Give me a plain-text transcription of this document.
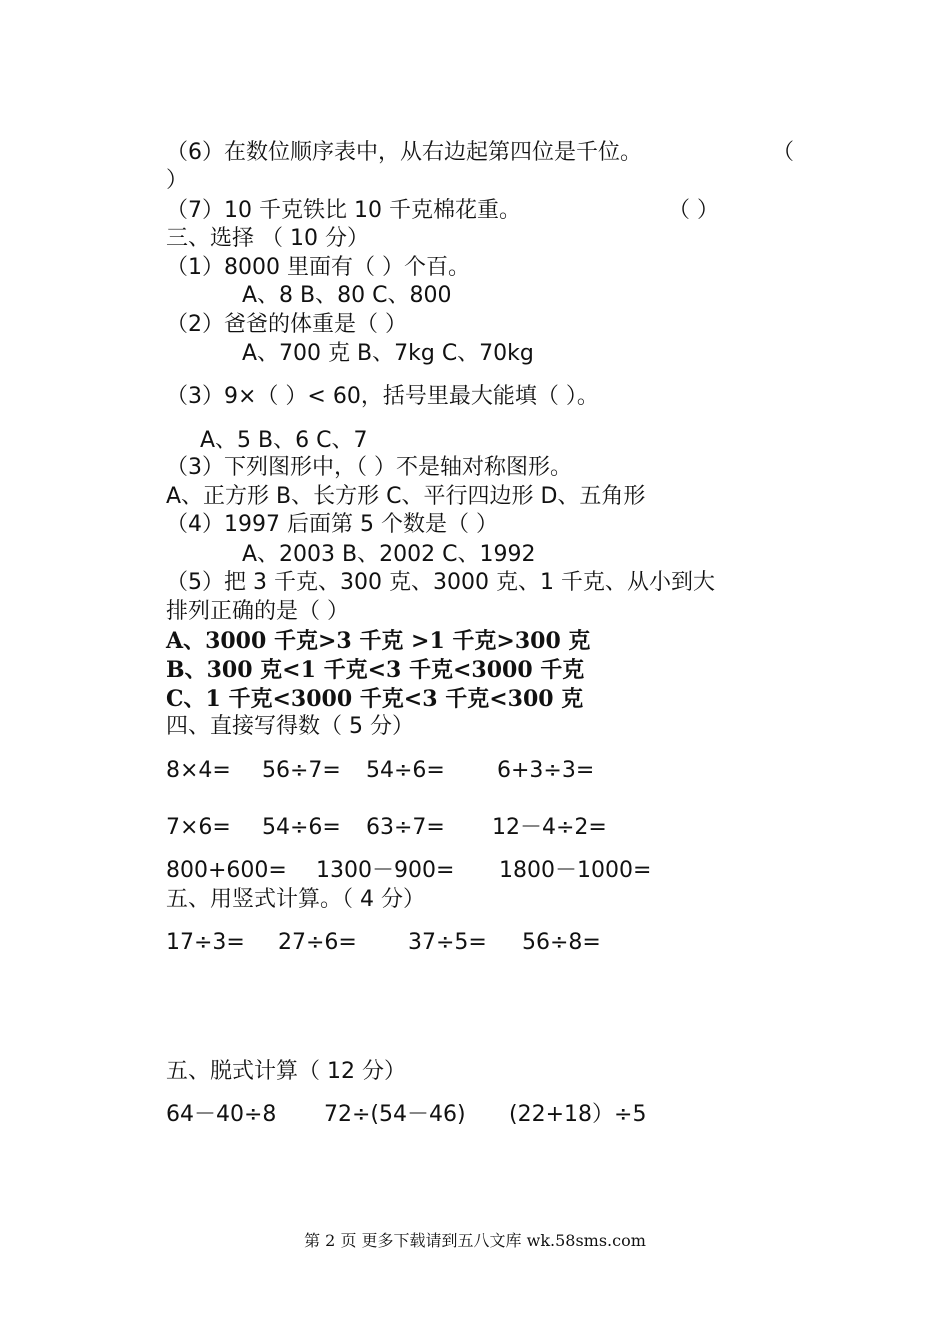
（6）在数位顺序表中，从右边起第四位是千位。	（
）
（7）10 千克铁比 10 千克棉花重。	（ ）
三、选择 （ 10 分）
（1）8000 里面有（ ）个百。
A、8 B、80 C、800
（2）爸爸的体重是（ ）
A、700 克 B、7kg C、70kg
（3）9×（ ）< 60，括号里最大能填（ ）。
A、5 B、6 C、7
（3）下列图形中，（ ）不是轴对称图形。
A、正方形 B、长方形 C、平行四边形 D、五角形
（4）1997 后面第 5 个数是（ ）
A、2003 B、2002 C、1992
（5）把 3 千克、300 克、3000 克、1 千克、从小到大
排列正确的是（ ）
A、3000 千克>3 千克 >1 千克>300 克
B、300 克<1 千克<3 千克<3000 千克
C、1 千克<3000 千克<3 千克<300 克
四、直接写得数（ 5 分）
8×4= 56÷7= 54÷6= 6+3÷3=
7×6= 54÷6= 63÷7= 12－4÷2=
800+600= 1300－900= 1800－1000=
五、用竖式计算。（ 4 分）
17÷3= 27÷6= 37÷5= 56÷8=
五、脱式计算（ 12 分）
64－40÷8 72÷(54－46) (22+18）÷5
第 2 页 更多下载请到五八文库 wk.58sms.com
